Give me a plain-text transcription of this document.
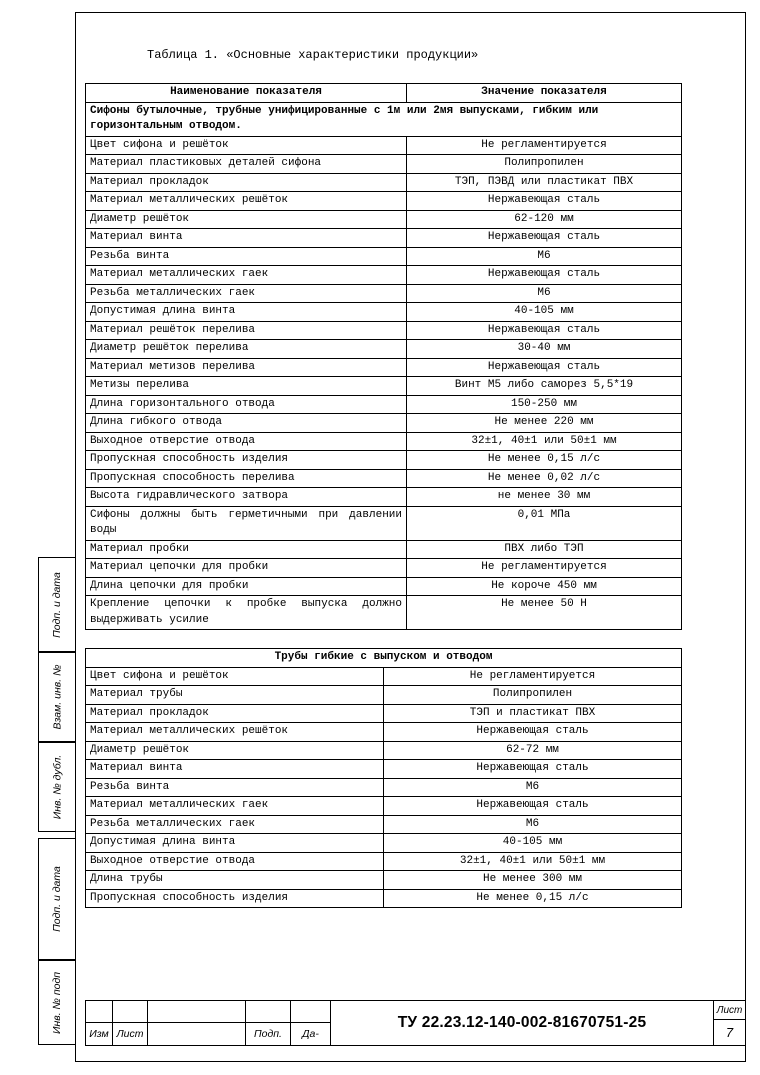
Таблица 1. «Основные характеристики продукции»
Наименование показателя	Значение показателя
Сифоны бутылочные, трубные унифицированные с 1м или 2мя выпусками, гибким или горизонтальным отводом.	
Цвет сифона и решёток	Не регламентируется
Материал пластиковых деталей сифона	Полипропилен
Материал прокладок	ТЭП, ПЭВД или пластикат ПВХ
Материал металлических решёток	Нержавеющая сталь
Диаметр решёток	62-120 мм
Материал винта	Нержавеющая сталь
Резьба винта	М6
Материал металлических гаек	Нержавеющая сталь
Резьба металлических гаек	М6
Допустимая длина винта	40-105 мм
Материал решёток перелива	Нержавеющая сталь
Диаметр решёток перелива	30-40 мм
Материал метизов перелива	Нержавеющая сталь
Метизы перелива	Винт М5 либо саморез 5,5*19
Длина горизонтального отвода	150-250 мм
Длина гибкого отвода	Не менее 220 мм
Выходное отверстие отвода	32±1, 40±1 или 50±1 мм
Пропускная способность изделия	Не менее 0,15 л/с
Пропускная способность перелива	Не менее 0,02 л/с
Высота гидравлического затвора	не менее 30 мм
Сифоны должны быть герметичными при давлении воды	0,01 МПа
Материал пробки	ПВХ либо ТЭП
Материал цепочки для пробки	Не регламентируется
Длина цепочки для пробки	Не короче 450 мм
Крепление цепочки к пробке выпуска должно выдерживать усилие	Не менее 50 Н
Трубы гибкие с выпуском и отводом	
Цвет сифона и решёток	Не регламентируется
Материал трубы	Полипропилен
Материал прокладок	ТЭП и пластикат ПВХ
Материал металлических решёток	Нержавеющая сталь
Диаметр решёток	62-72 мм
Материал винта	Нержавеющая сталь
Резьба винта	М6
Материал металлических гаек	Нержавеющая сталь
Резьба металлических гаек	М6
Допустимая длина винта	40-105 мм
Выходное отверстие отвода	32±1, 40±1 или 50±1 мм
Длина трубы	Не менее 300 мм
Пропускная способность изделия	Не менее 0,15 л/с
Изм Лист	Подп.	Да-
ТУ 22.23.12-140-002-81670751-25
Лист
7
Подп. и дата
Взам. инв. №
Инв. № дубл.
Подп. и дата
Инв. № подп
